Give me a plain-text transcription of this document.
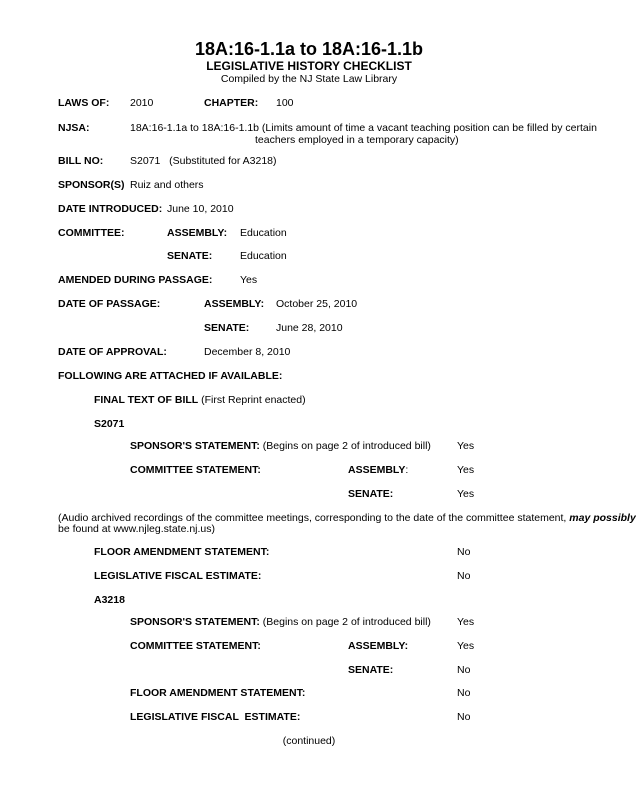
18A:16-1.1a to 18A:16-1.1b
LEGISLATIVE HISTORY CHECKLIST
Compiled by the NJ State Law Library
LAWS OF: 2010	CHAPTER: 100
NJSA:	18A:16-1.1a to 18A:16-1.1b (Limits amount of time a vacant teaching position can be filled by certain
teachers employed in a temporary capacity)
BILL NO:	S2071   (Substituted for A3218)
SPONSOR(S) Ruiz and others
DATE INTRODUCED: June 10, 2010
COMMITTEE:	ASSEMBLY: Education
SENATE:	Education
AMENDED DURING PASSAGE:	Yes
DATE OF PASSAGE:	ASSEMBLY: October 25, 2010
SENATE:	June 28, 2010
DATE OF APPROVAL:	December 8, 2010
FOLLOWING ARE ATTACHED IF AVAILABLE:
FINAL TEXT OF BILL (First Reprint enacted)
S2071
SPONSOR'S STATEMENT: (Begins on page 2 of introduced bill) Yes
COMMITTEE STATEMENT:	ASSEMBLY:	Yes
SENATE:	Yes
(Audio archived recordings of the committee meetings, corresponding to the date of the committee statement, may possibly
be found at www.njleg.state.nj.us)
FLOOR AMENDMENT STATEMENT:	No
LEGISLATIVE FISCAL ESTIMATE:	No
A3218
SPONSOR'S STATEMENT: (Begins on page 2 of introduced bill) Yes
COMMITTEE STATEMENT:	ASSEMBLY:	Yes
SENATE:	No
FLOOR AMENDMENT STATEMENT:	No
LEGISLATIVE FISCAL  ESTIMATE:	No
(continued)
